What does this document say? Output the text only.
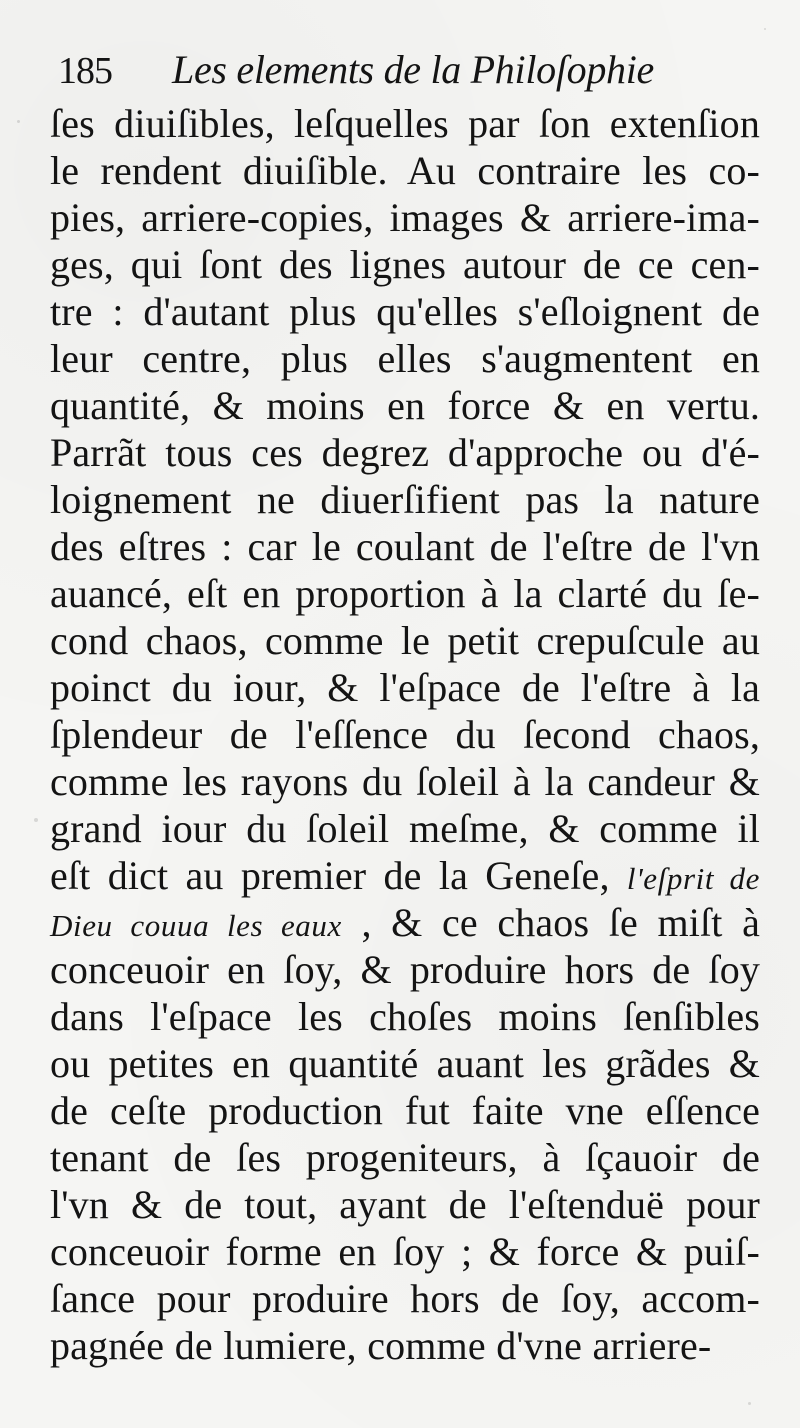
185 Les elements de la Philoſophie
ſes diuiſibles, leſquelles par ſon extenſion
le rendent diuiſible. Au contraire les co-
pies, arriere-copies, images & arriere-ima-
ges, qui ſont des lignes autour de ce cen-
tre : d'autant plus qu'elles s'eſloignent de
leur centre, plus elles s'augmentent en
quantité, & moins en force & en vertu.
Parrãt tous ces degrez d'approche ou d'é-
loignement ne diuerſifient pas la nature
des eſtres : car le coulant de l'eſtre de l'vn
auancé, eſt en proportion à la clarté du ſe-
cond chaos, comme le petit crepuſcule au
poinct du iour, & l'eſpace de l'eſtre à la
ſplendeur de l'eſſence du ſecond chaos,
comme les rayons du ſoleil à la candeur &
grand iour du ſoleil meſme, & comme il
eſt dict au premier de la Geneſe, l'eſprit de
Dieu couua les eaux , & ce chaos ſe miſt à
conceuoir en ſoy, & produire hors de ſoy
dans l'eſpace les choſes moins ſenſibles
ou petites en quantité auant les grãdes &
de ceſte production fut faite vne eſſence
tenant de ſes progeniteurs, à ſçauoir de
l'vn & de tout, ayant de l'eſtenduë pour
conceuoir forme en ſoy ; & force & puiſ-
ſance pour produire hors de ſoy, accom-
pagnée de lumiere, comme d'vne arriere-
